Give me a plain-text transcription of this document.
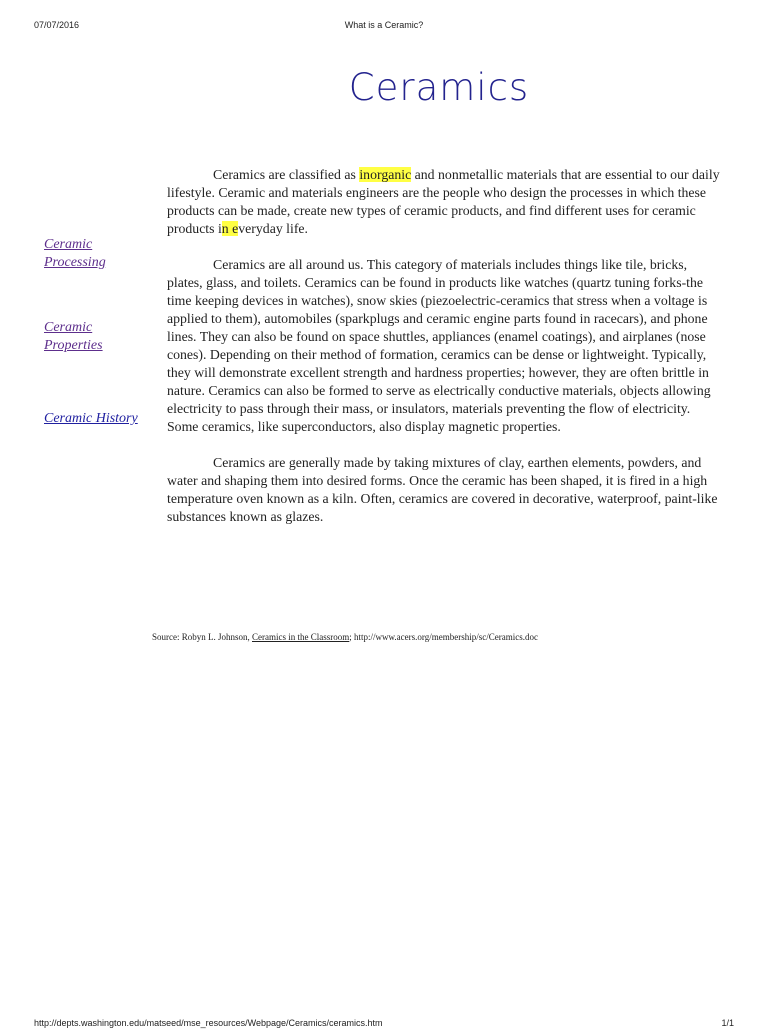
07/07/2016	What is a Ceramic?
Ceramics
Ceramic
Processing
Ceramic
Properties
Ceramic History

Ceramics are classified as inorganic and nonmetallic materials that are essential to our daily lifestyle. Ceramic and materials engineers are the people who design the processes in which these products can be made, create new types of ceramic products, and find different uses for ceramic products in everyday life.

Ceramics are all around us. This category of materials includes things like tile, bricks, plates, glass, and toilets. Ceramics can be found in products like watches (quartz tuning forks-the time keeping devices in watches), snow skies (piezoelectric-ceramics that stress when a voltage is applied to them), automobiles (sparkplugs and ceramic engine parts found in racecars), and phone lines. They can also be found on space shuttles, appliances (enamel coatings), and airplanes (nose cones). Depending on their method of formation, ceramics can be dense or lightweight. Typically, they will demonstrate excellent strength and hardness properties; however, they are often brittle in nature. Ceramics can also be formed to serve as electrically conductive materials, objects allowing electricity to pass through their mass, or insulators, materials preventing the flow of electricity. Some ceramics, like superconductors, also display magnetic properties.

Ceramics are generally made by taking mixtures of clay, earthen elements, powders, and water and shaping them into desired forms. Once the ceramic has been shaped, it is fired in a high temperature oven known as a kiln. Often, ceramics are covered in decorative, waterproof, paint-like substances known as glazes.

Source: Robyn L. Johnson, Ceramics in the Classroom; http://www.acers.org/membership/sc/Ceramics.doc
http://depts.washington.edu/matseed/mse_resources/Webpage/Ceramics/ceramics.htm	1/1
